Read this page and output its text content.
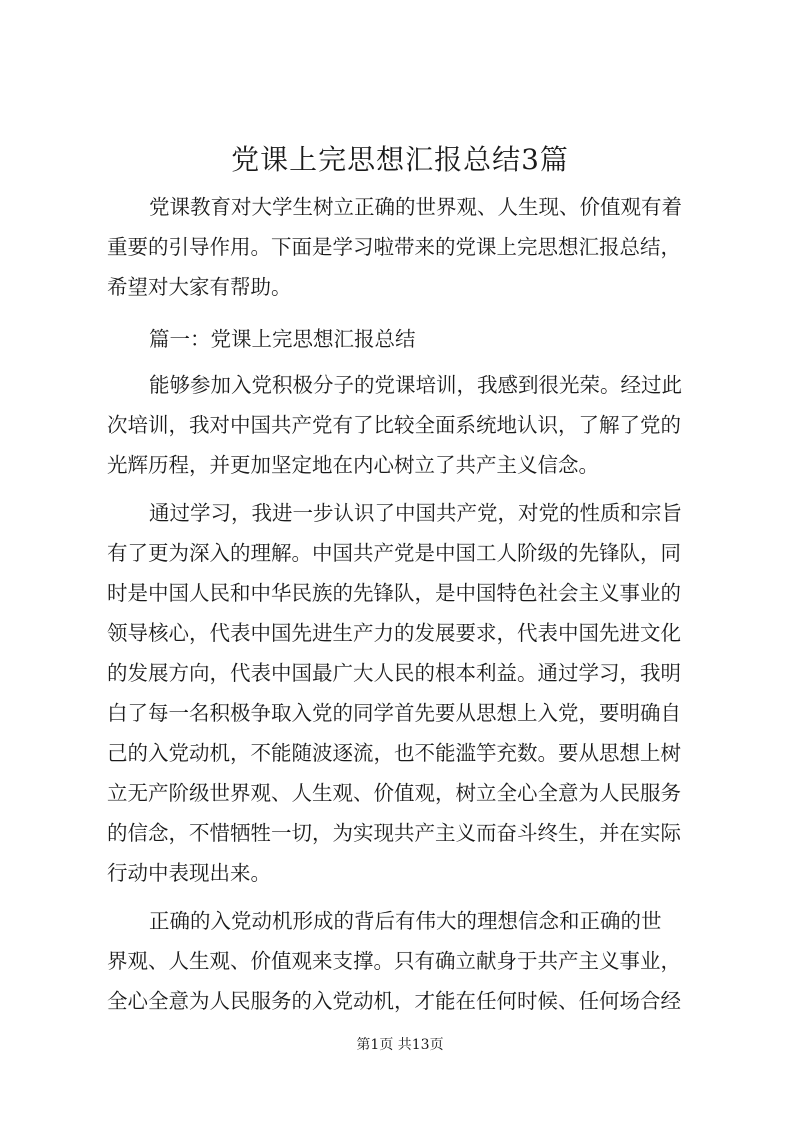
党课上完思想汇报总结3篇
党课教育对大学生树立正确的世界观、人生现、价值观有着
重要的引导作用。下面是学习啦带来的党课上完思想汇报总结，
希望对大家有帮助。
篇一：党课上完思想汇报总结
能够参加入党积极分子的党课培训，我感到很光荣。经过此
次培训，我对中国共产党有了比较全面系统地认识，了解了党的
光辉历程，并更加坚定地在内心树立了共产主义信念。
通过学习，我进一步认识了中国共产党，对党的性质和宗旨
有了更为深入的理解。中国共产党是中国工人阶级的先锋队，同
时是中国人民和中华民族的先锋队，是中国特色社会主义事业的
领导核心，代表中国先进生产力的发展要求，代表中国先进文化
的发展方向，代表中国最广大人民的根本利益。通过学习，我明
白了每一名积极争取入党的同学首先要从思想上入党，要明确自
己的入党动机，不能随波逐流，也不能滥竽充数。要从思想上树
立无产阶级世界观、人生观、价值观，树立全心全意为人民服务
的信念，不惜牺牲一切，为实现共产主义而奋斗终生，并在实际
行动中表现出来。
正确的入党动机形成的背后有伟大的理想信念和正确的世
界观、人生观、价值观来支撑。只有确立献身于共产主义事业，
全心全意为人民服务的入党动机，才能在任何时候、任何场合经
第1页 共13页
